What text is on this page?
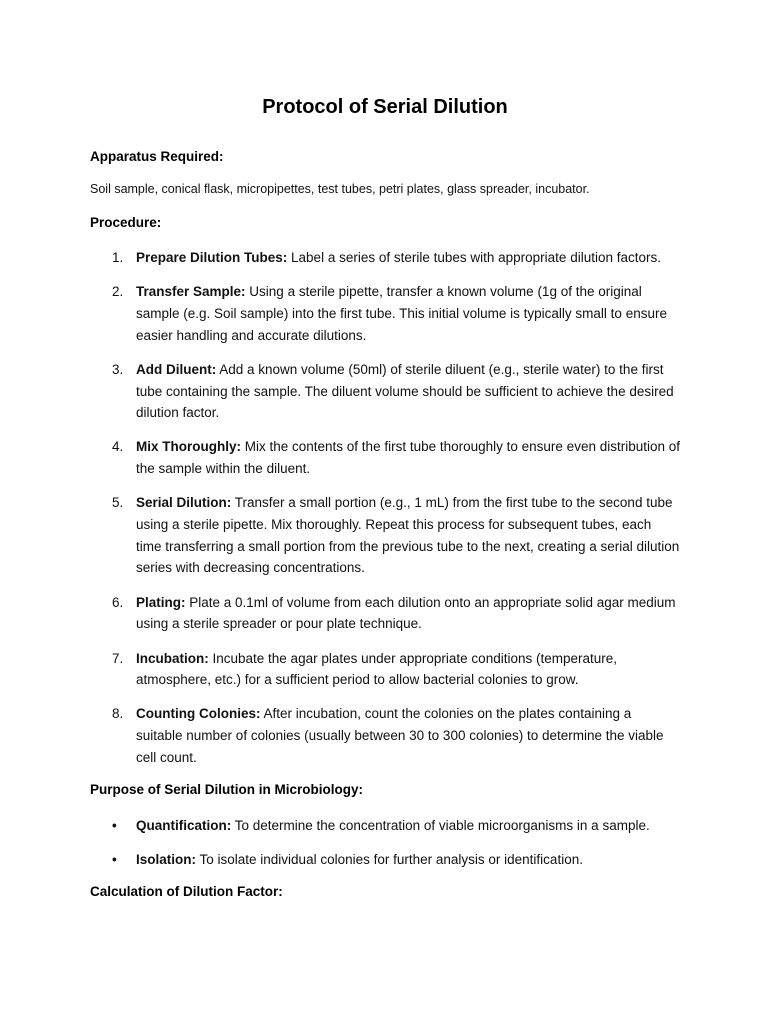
Protocol of Serial Dilution

Apparatus Required:

Soil sample, conical flask, micropipettes, test tubes, petri plates, glass spreader, incubator.

Procedure:

1. Prepare Dilution Tubes: Label a series of sterile tubes with appropriate dilution factors.
2. Transfer Sample: Using a sterile pipette, transfer a known volume (1g of the original sample (e.g. Soil sample) into the first tube. This initial volume is typically small to ensure easier handling and accurate dilutions.
3. Add Diluent: Add a known volume (50ml) of sterile diluent (e.g., sterile water) to the first tube containing the sample. The diluent volume should be sufficient to achieve the desired dilution factor.
4. Mix Thoroughly: Mix the contents of the first tube thoroughly to ensure even distribution of the sample within the diluent.
5. Serial Dilution: Transfer a small portion (e.g., 1 mL) from the first tube to the second tube using a sterile pipette. Mix thoroughly. Repeat this process for subsequent tubes, each time transferring a small portion from the previous tube to the next, creating a serial dilution series with decreasing concentrations.
6. Plating: Plate a 0.1ml of volume from each dilution onto an appropriate solid agar medium using a sterile spreader or pour plate technique.
7. Incubation: Incubate the agar plates under appropriate conditions (temperature, atmosphere, etc.) for a sufficient period to allow bacterial colonies to grow.
8. Counting Colonies: After incubation, count the colonies on the plates containing a suitable number of colonies (usually between 30 to 300 colonies) to determine the viable cell count.

Purpose of Serial Dilution in Microbiology:

• Quantification: To determine the concentration of viable microorganisms in a sample.
• Isolation: To isolate individual colonies for further analysis or identification.

Calculation of Dilution Factor:
